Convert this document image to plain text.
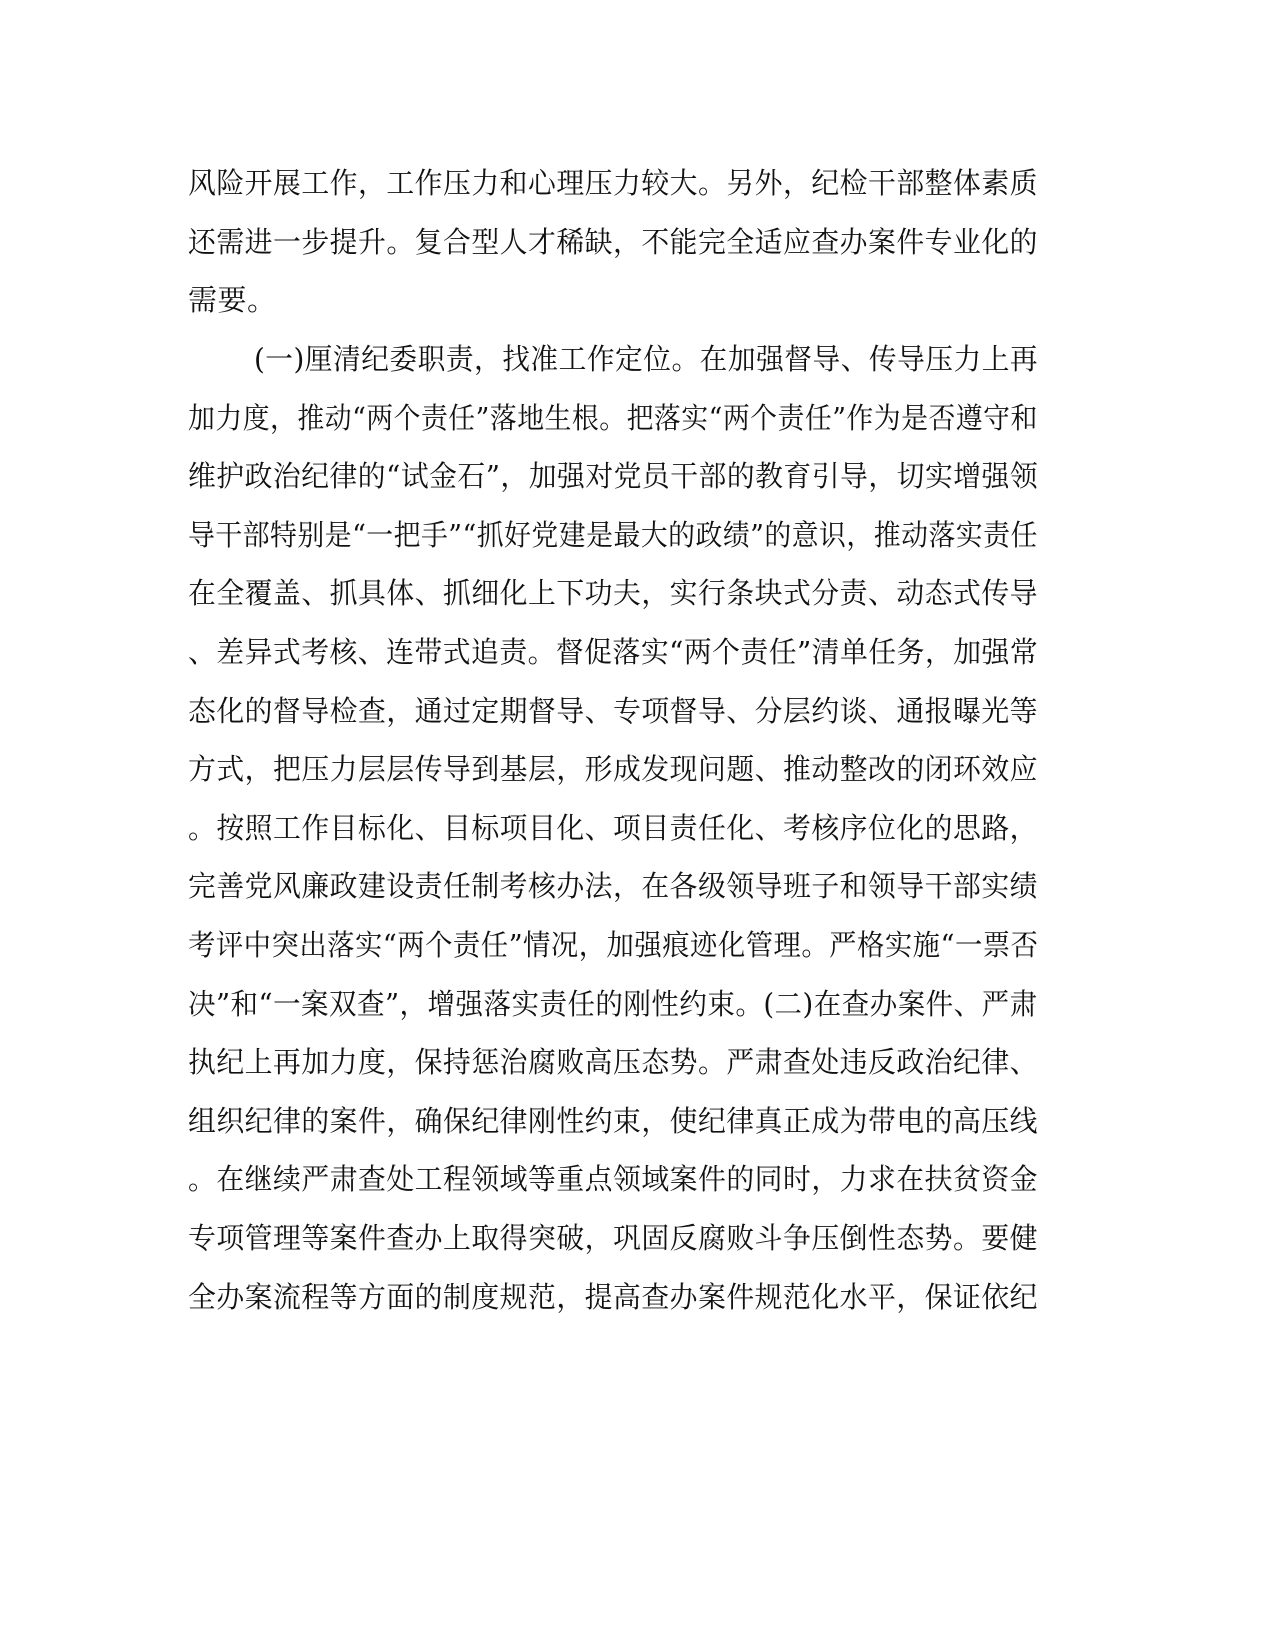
风险开展工作，工作压力和心理压力较大。另外，纪检干部整体素质
还需进一步提升。复合型人才稀缺，不能完全适应查办案件专业化的
需要。
(一)厘清纪委职责，找准工作定位。在加强督导、传导压力上再
加力度，推动“两个责任”落地生根。把落实“两个责任”作为是否遵守和
维护政治纪律的“试金石”，加强对党员干部的教育引导，切实增强领
导干部特别是“一把手”“抓好党建是最大的政绩”的意识，推动落实责任
在全覆盖、抓具体、抓细化上下功夫，实行条块式分责、动态式传导
、差异式考核、连带式追责。督促落实“两个责任”清单任务，加强常
态化的督导检查，通过定期督导、专项督导、分层约谈、通报曝光等
方式，把压力层层传导到基层，形成发现问题、推动整改的闭环效应
。按照工作目标化、目标项目化、项目责任化、考核序位化的思路，
完善党风廉政建设责任制考核办法，在各级领导班子和领导干部实绩
考评中突出落实“两个责任”情况，加强痕迹化管理。严格实施“一票否
决”和“一案双查”，增强落实责任的刚性约束。(二)在查办案件、严肃
执纪上再加力度，保持惩治腐败高压态势。严肃查处违反政治纪律、
组织纪律的案件，确保纪律刚性约束，使纪律真正成为带电的高压线
。在继续严肃查处工程领域等重点领域案件的同时，力求在扶贫资金
专项管理等案件查办上取得突破，巩固反腐败斗争压倒性态势。要健
全办案流程等方面的制度规范，提高查办案件规范化水平，保证依纪
